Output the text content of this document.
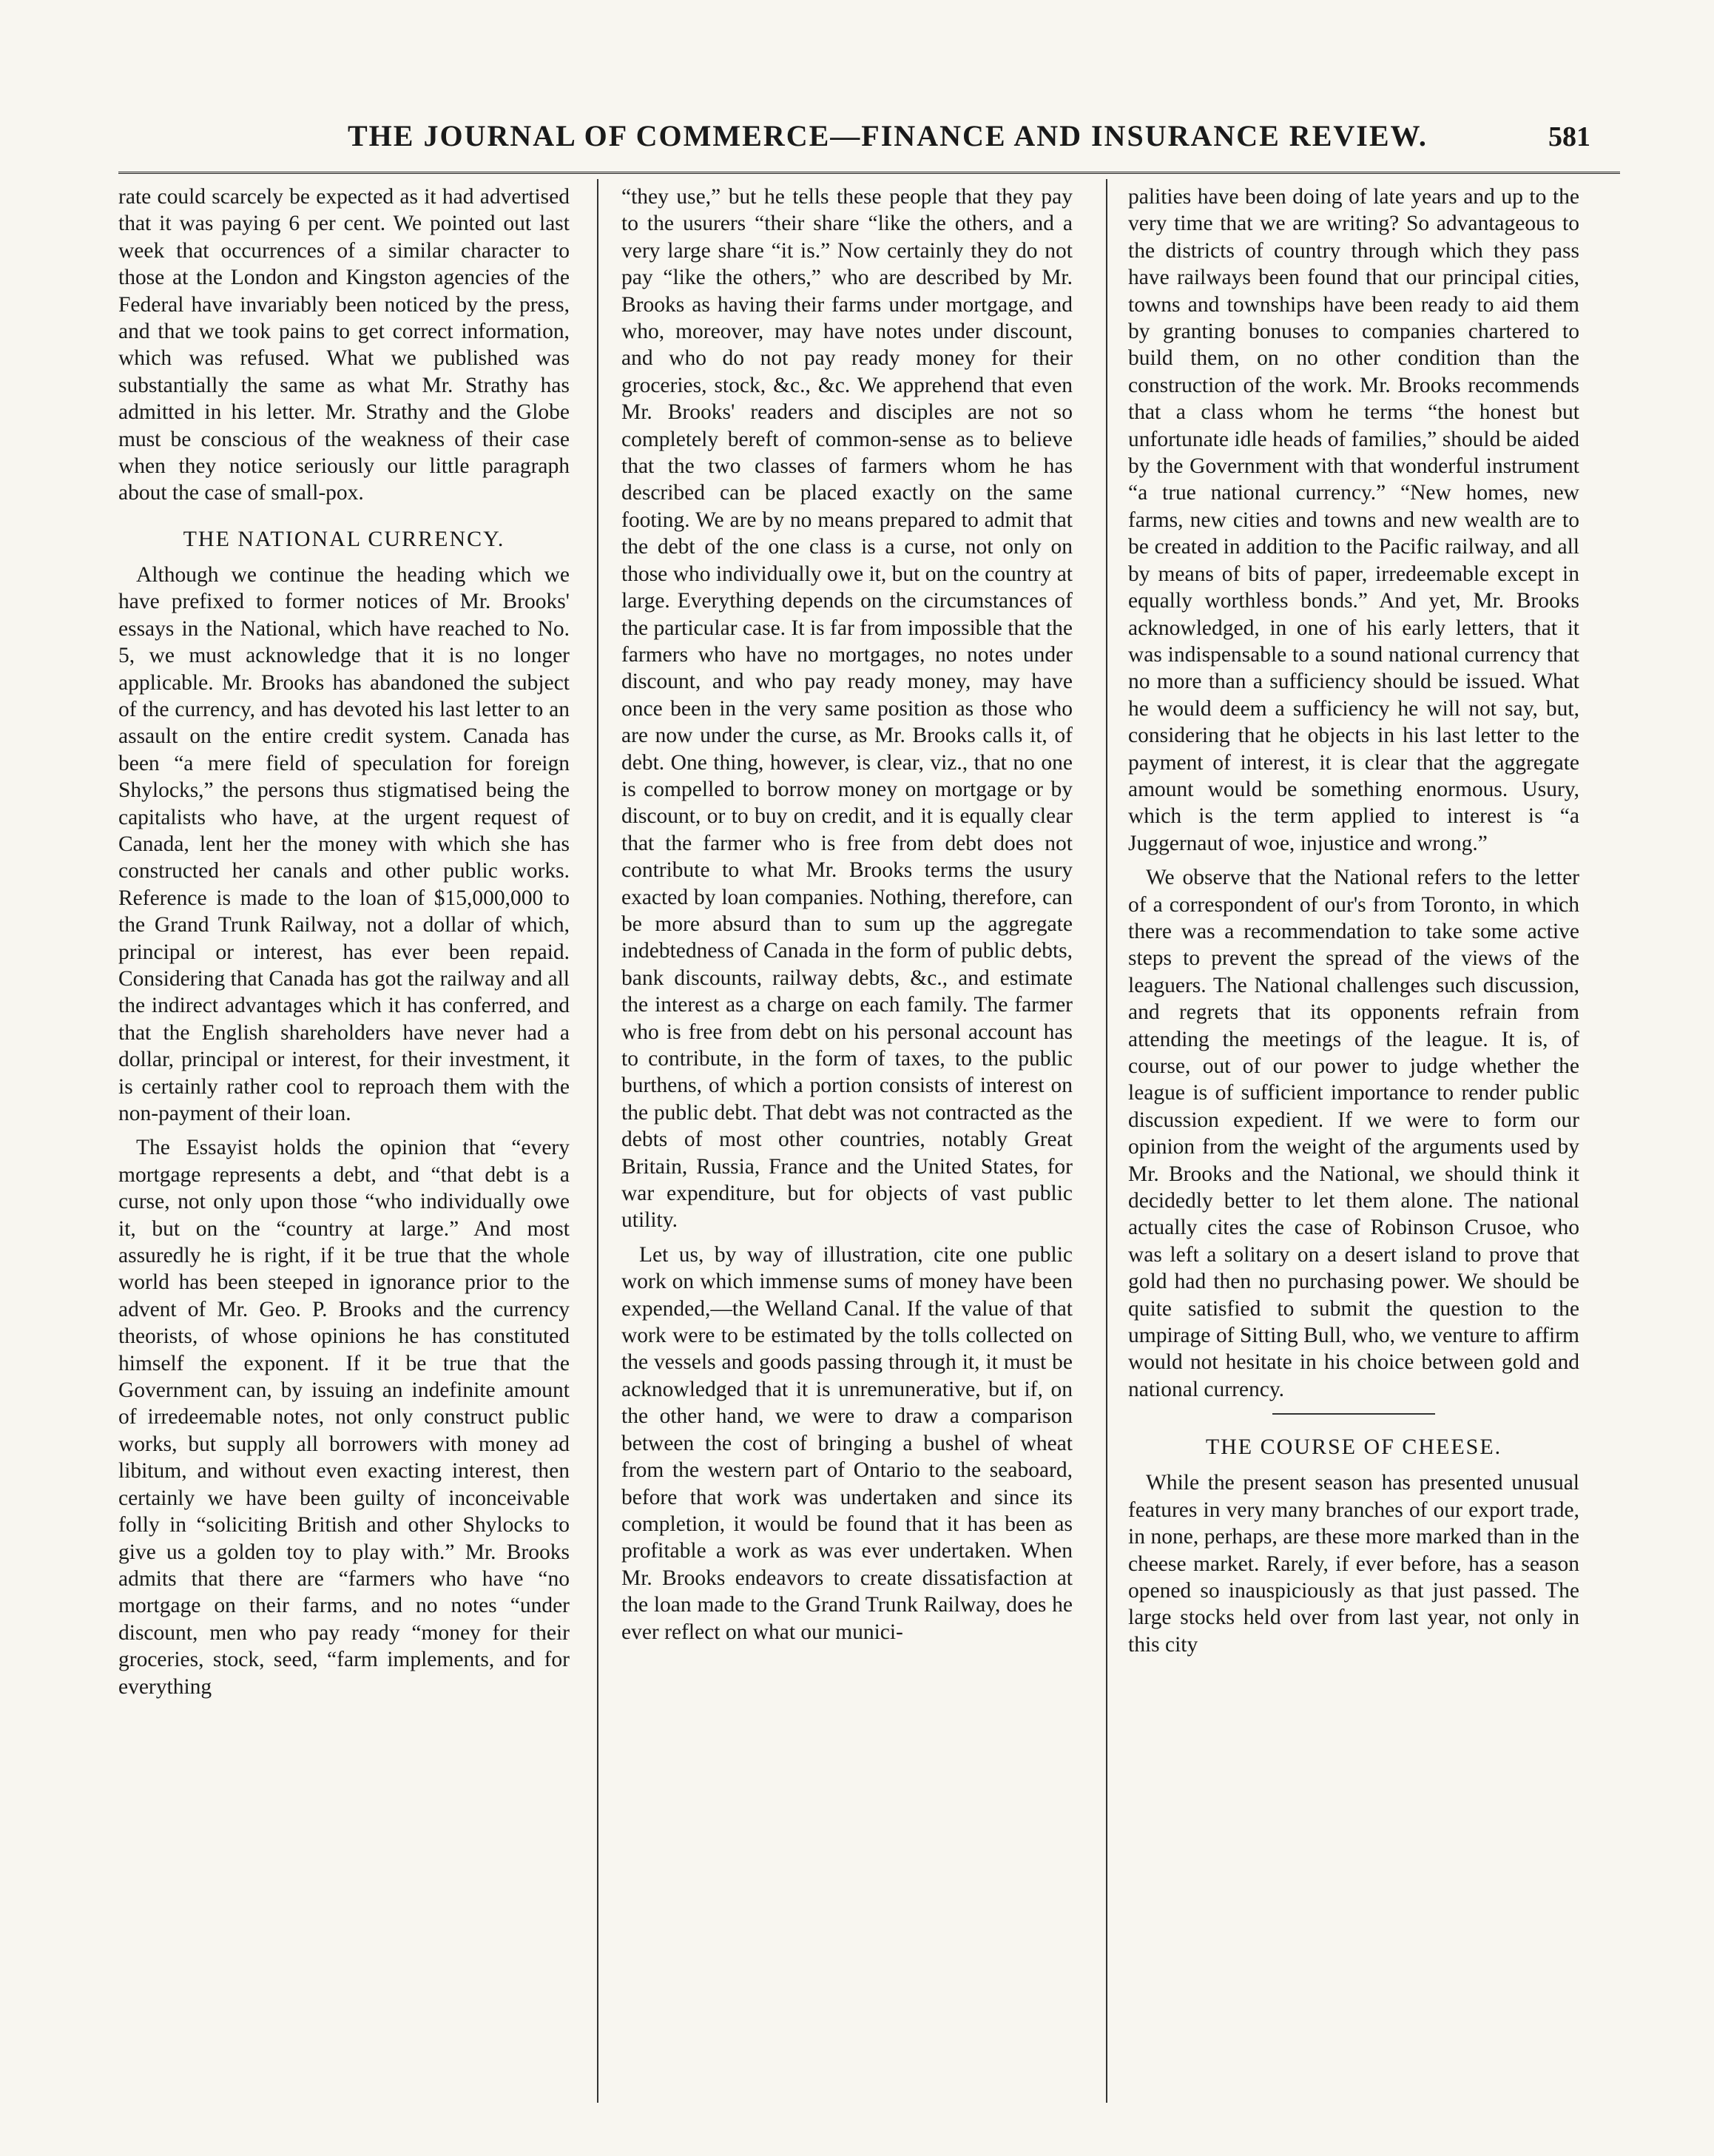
THE JOURNAL OF COMMERCE—FINANCE AND INSURANCE REVIEW.	581

rate could scarcely be expected as it had advertised that it was paying 6 per cent. We pointed out last week that occurrences of a similar character to those at the London and Kingston agencies of the Federal have invariably been noticed by the press, and that we took pains to get correct information, which was refused. What we published was substantially the same as what Mr. Strathy has admitted in his letter. Mr. Strathy and the Globe must be conscious of the weakness of their case when they notice seriously our little paragraph about the case of small-pox.

THE NATIONAL CURRENCY.

Although we continue the heading which we have prefixed to former notices of Mr. Brooks' essays in the National, which have reached to No. 5, we must acknowledge that it is no longer applicable. Mr. Brooks has abandoned the subject of the currency, and has devoted his last letter to an assault on the entire credit system. Canada has been “a mere field of speculation for foreign Shylocks,” the persons thus stigmatised being the capitalists who have, at the urgent request of Canada, lent her the money with which she has constructed her canals and other public works. Reference is made to the loan of $15,000,000 to the Grand Trunk Railway, not a dollar of which, principal or interest, has ever been repaid. Considering that Canada has got the railway and all the indirect advantages which it has conferred, and that the English shareholders have never had a dollar, principal or interest, for their investment, it is certainly rather cool to reproach them with the non-payment of their loan.

The Essayist holds the opinion that “every mortgage represents a debt, and “that debt is a curse, not only upon those “who individually owe it, but on the “country at large.” And most assuredly he is right, if it be true that the whole world has been steeped in ignorance prior to the advent of Mr. Geo. P. Brooks and the currency theorists, of whose opinions he has constituted himself the exponent. If it be true that the Government can, by issuing an indefinite amount of irredeemable notes, not only construct public works, but supply all borrowers with money ad libitum, and without even exacting interest, then certainly we have been guilty of inconceivable folly in “soliciting British and other Shylocks to give us a golden toy to play with.” Mr. Brooks admits that there are “farmers who have “no mortgage on their farms, and no notes “under discount, men who pay ready “money for their groceries, stock, seed, “farm implements, and for everything

“they use,” but he tells these people that they pay to the usurers “their share “like the others, and a very large share “it is.” Now certainly they do not pay “like the others,” who are described by Mr. Brooks as having their farms under mortgage, and who, moreover, may have notes under discount, and who do not pay ready money for their groceries, stock, &c., &c. We apprehend that even Mr. Brooks' readers and disciples are not so completely bereft of common-sense as to believe that the two classes of farmers whom he has described can be placed exactly on the same footing. We are by no means prepared to admit that the debt of the one class is a curse, not only on those who individually owe it, but on the country at large. Everything depends on the circumstances of the particular case. It is far from impossible that the farmers who have no mortgages, no notes under discount, and who pay ready money, may have once been in the very same position as those who are now under the curse, as Mr. Brooks calls it, of debt. One thing, however, is clear, viz., that no one is compelled to borrow money on mortgage or by discount, or to buy on credit, and it is equally clear that the farmer who is free from debt does not contribute to what Mr. Brooks terms the usury exacted by loan companies. Nothing, therefore, can be more absurd than to sum up the aggregate indebtedness of Canada in the form of public debts, bank discounts, railway debts, &c., and estimate the interest as a charge on each family. The farmer who is free from debt on his personal account has to contribute, in the form of taxes, to the public burthens, of which a portion consists of interest on the public debt. That debt was not contracted as the debts of most other countries, notably Great Britain, Russia, France and the United States, for war expenditure, but for objects of vast public utility.

Let us, by way of illustration, cite one public work on which immense sums of money have been expended,—the Welland Canal. If the value of that work were to be estimated by the tolls collected on the vessels and goods passing through it, it must be acknowledged that it is unremunerative, but if, on the other hand, we were to draw a comparison between the cost of bringing a bushel of wheat from the western part of Ontario to the seaboard, before that work was undertaken and since its completion, it would be found that it has been as profitable a work as was ever undertaken. When Mr. Brooks endeavors to create dissatisfaction at the loan made to the Grand Trunk Railway, does he ever reflect on what our munici-

palities have been doing of late years and up to the very time that we are writing? So advantageous to the districts of country through which they pass have railways been found that our principal cities, towns and townships have been ready to aid them by granting bonuses to companies chartered to build them, on no other condition than the construction of the work. Mr. Brooks recommends that a class whom he terms “the honest but unfortunate idle heads of families,” should be aided by the Government with that wonderful instrument “a true national currency.” “New homes, new farms, new cities and towns and new wealth are to be created in addition to the Pacific railway, and all by means of bits of paper, irredeemable except in equally worthless bonds.” And yet, Mr. Brooks acknowledged, in one of his early letters, that it was indispensable to a sound national currency that no more than a sufficiency should be issued. What he would deem a sufficiency he will not say, but, considering that he objects in his last letter to the payment of interest, it is clear that the aggregate amount would be something enormous. Usury, which is the term applied to interest is “a Juggernaut of woe, injustice and wrong.”

We observe that the National refers to the letter of a correspondent of our's from Toronto, in which there was a recommendation to take some active steps to prevent the spread of the views of the leaguers. The National challenges such discussion, and regrets that its opponents refrain from attending the meetings of the league. It is, of course, out of our power to judge whether the league is of sufficient importance to render public discussion expedient. If we were to form our opinion from the weight of the arguments used by Mr. Brooks and the National, we should think it decidedly better to let them alone. The national actually cites the case of Robinson Crusoe, who was left a solitary on a desert island to prove that gold had then no purchasing power. We should be quite satisfied to submit the question to the umpirage of Sitting Bull, who, we venture to affirm would not hesitate in his choice between gold and national currency.

THE COURSE OF CHEESE.

While the present season has presented unusual features in very many branches of our export trade, in none, perhaps, are these more marked than in the cheese market. Rarely, if ever before, has a season opened so inauspiciously as that just passed. The large stocks held over from last year, not only in this city
